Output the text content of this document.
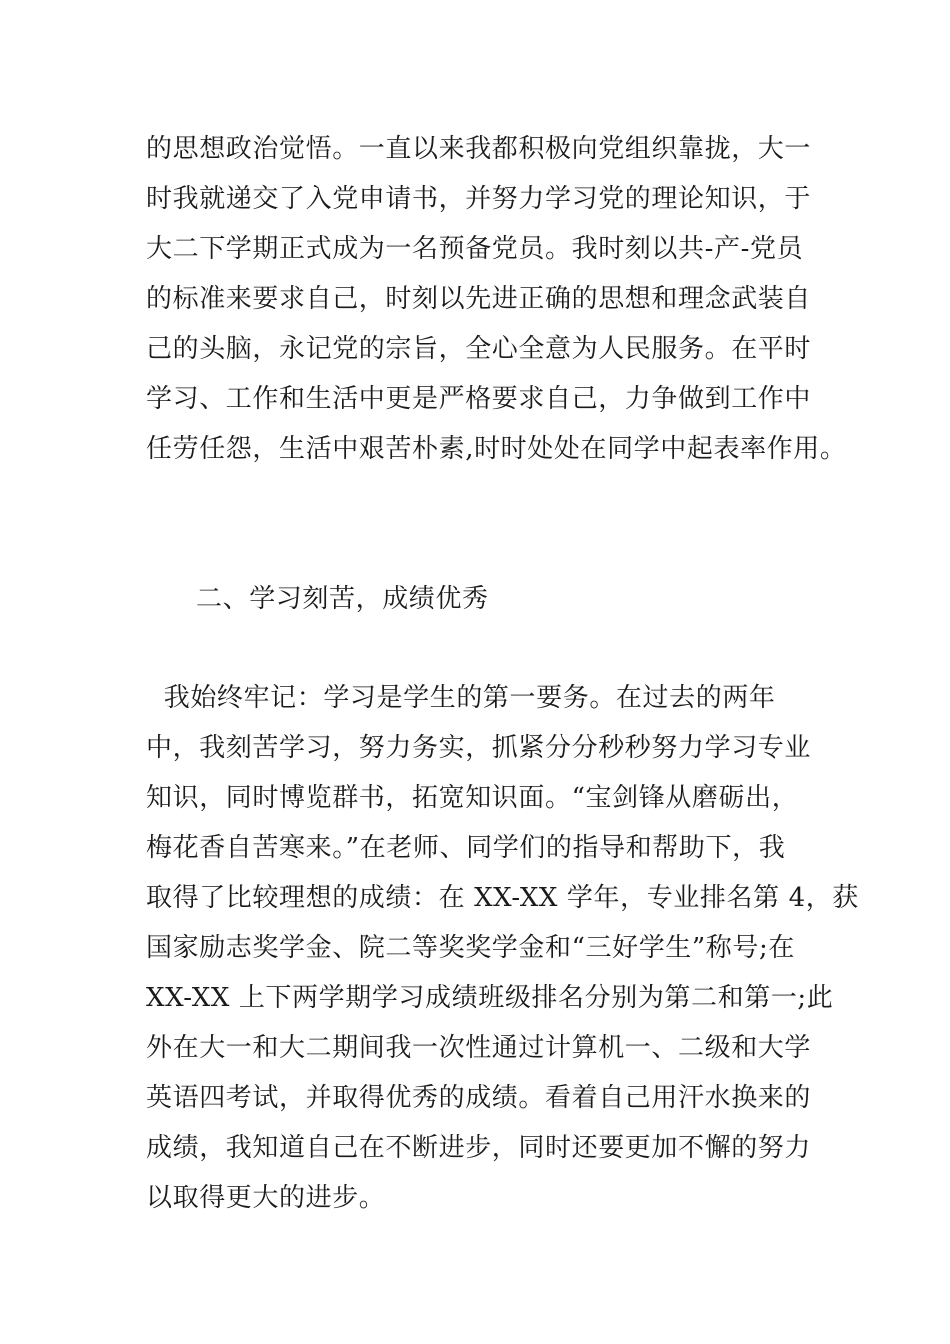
的思想政治觉悟。一直以来我都积极向党组织靠拢，大一
时我就递交了入党申请书，并努力学习党的理论知识，于
大二下学期正式成为一名预备党员。我时刻以共-产-党员
的标准来要求自己，时刻以先进正确的思想和理念武装自
己的头脑，永记党的宗旨，全心全意为人民服务。在平时
学习、工作和生活中更是严格要求自己，力争做到工作中
任劳任怨，生活中艰苦朴素,时时处处在同学中起表率作用。
二、学习刻苦，成绩优秀
我始终牢记：学习是学生的第一要务。在过去的两年
中，我刻苦学习，努力务实，抓紧分分秒秒努力学习专业
知识，同时博览群书，拓宽知识面。“宝剑锋从磨砺出，
梅花香自苦寒来。”在老师、同学们的指导和帮助下，我
取得了比较理想的成绩：在 XX-XX 学年，专业排名第 4，获
国家励志奖学金、院二等奖奖学金和“三好学生”称号;在
XX-XX 上下两学期学习成绩班级排名分别为第二和第一;此
外在大一和大二期间我一次性通过计算机一、二级和大学
英语四考试，并取得优秀的成绩。看着自己用汗水换来的
成绩，我知道自己在不断进步，同时还要更加不懈的努力
以取得更大的进步。
